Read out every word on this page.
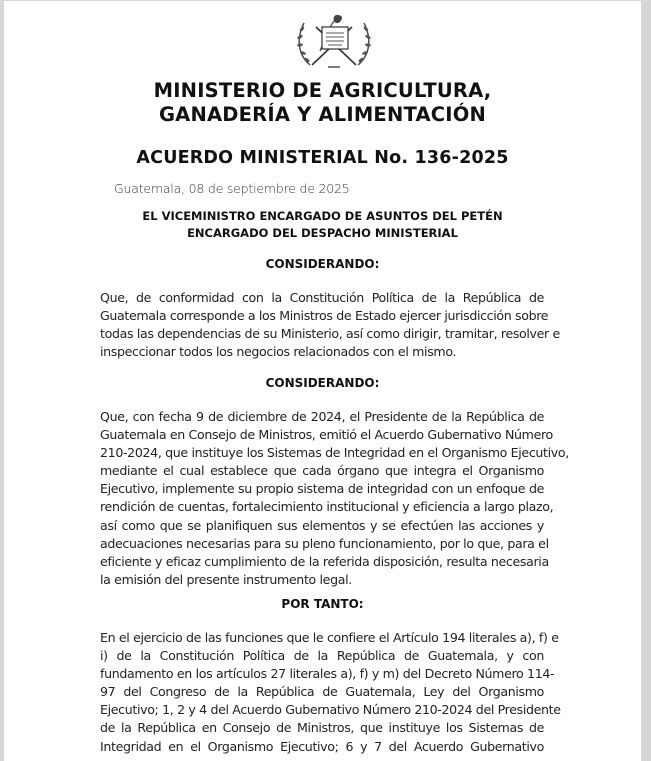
MINISTERIO DE AGRICULTURA,
GANADERÍA Y ALIMENTACIÓN
ACUERDO MINISTERIAL No. 136-2025
Guatemala, 08 de septiembre de 2025
EL VICEMINISTRO ENCARGADO DE ASUNTOS DEL PETÉN
ENCARGADO DEL DESPACHO MINISTERIAL
CONSIDERANDO:
Que, de conformidad con la Constitución Política de la República de
Guatemala corresponde a los Ministros de Estado ejercer jurisdicción sobre
todas las dependencias de su Ministerio, así como dirigir, tramitar, resolver e
inspeccionar todos los negocios relacionados con el mismo.
CONSIDERANDO:
Que, con fecha 9 de diciembre de 2024, el Presidente de la República de
Guatemala en Consejo de Ministros, emitió el Acuerdo Gubernativo Número
210-2024, que instituye los Sistemas de Integridad en el Organismo Ejecutivo,
mediante el cual establece que cada órgano que integra el Organismo
Ejecutivo, implemente su propio sistema de integridad con un enfoque de
rendición de cuentas, fortalecimiento institucional y eficiencia a largo plazo,
así como que se planifiquen sus elementos y se efectúen las acciones y
adecuaciones necesarias para su pleno funcionamiento, por lo que, para el
eficiente y eficaz cumplimiento de la referida disposición, resulta necesaria
la emisión del presente instrumento legal.
POR TANTO:
En el ejercicio de las funciones que le confiere el Artículo 194 literales a), f) e
i) de la Constitución Política de la República de Guatemala, y con
fundamento en los artículos 27 literales a), f) y m) del Decreto Número 114-
97 del Congreso de la República de Guatemala, Ley del Organismo
Ejecutivo; 1, 2 y 4 del Acuerdo Gubernativo Número 210-2024 del Presidente
de la República en Consejo de Ministros, que instituye los Sistemas de
Integridad en el Organismo Ejecutivo; 6 y 7 del Acuerdo Gubernativo
